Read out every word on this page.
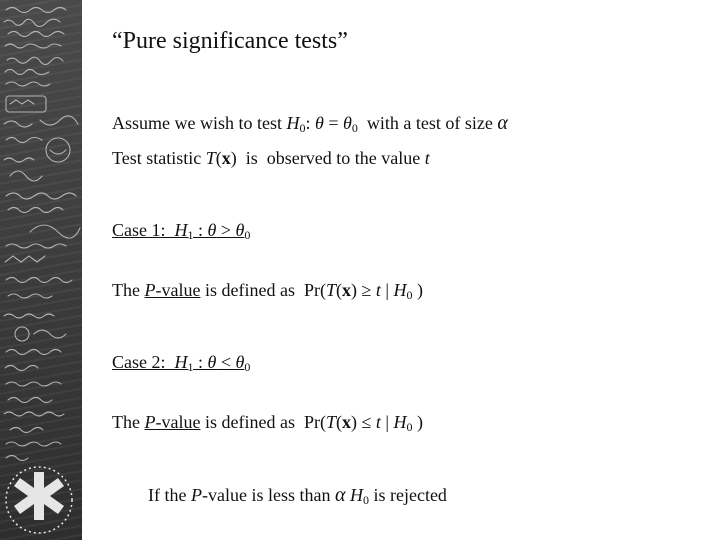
“Pure significance tests”
Assume we wish to test $H_0$: $\theta = \theta_0$  with a test of size α
Test statistic T(x)  is  observed to the value t
Case 1:  $H_1$ : $\theta > \theta_0$
The P-value is defined as  Pr(T(x) ≥ t | $H_0$ )
Case 2:  $H_1$ : $\theta < \theta_0$
The P-value is defined as  Pr(T(x) ≤ t | $H_0$ )
If the P-value is less than α $H_0$ is rejected
